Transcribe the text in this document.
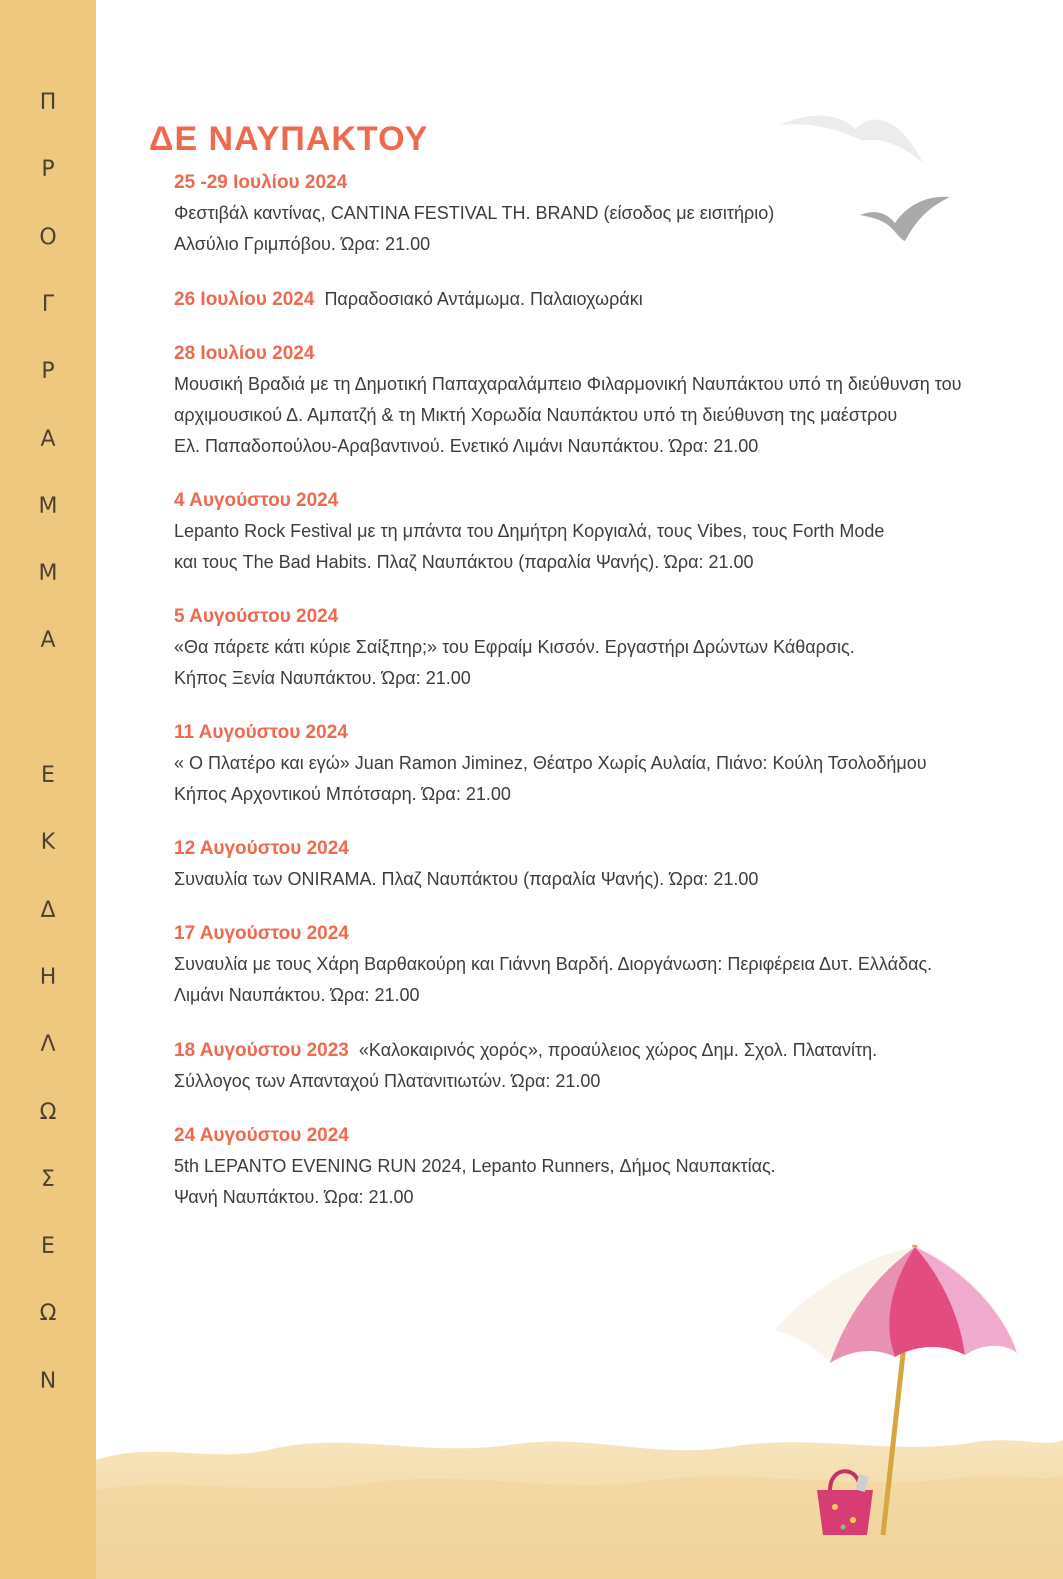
Π
Ρ
Ο
Γ
Ρ
Α
Μ
Μ
Α
Ε
Κ
Δ
Η
Λ
Ω
Σ
Ε
Ω
Ν
ΔΕ ΝΑΥΠΑΚΤΟΥ
25 -29 Ιουλίου 2024
Φεστιβάλ καντίνας, CANTINA FESTIVAL TH. BRAND (είσοδος με εισιτήριο)
Αλσύλιο Γριμπόβου. Ώρα: 21.00
26 Ιουλίου 2024 Παραδοσιακό Αντάμωμα. Παλαιοχωράκι
28 Ιουλίου 2024
Μουσική Βραδιά με τη Δημοτική Παπαχαραλάμπειο Φιλαρμονική Ναυπάκτου υπό τη διεύθυνση του
αρχιμουσικού Δ. Αμπατζή & τη Μικτή Χορωδία Ναυπάκτου υπό τη διεύθυνση της μαέστρου
Ελ. Παπαδοπούλου-Αραβαντινού. Ενετικό Λιμάνι Ναυπάκτου. Ώρα: 21.00
4 Αυγούστου 2024
Lepanto Rock Festival με τη μπάντα του Δημήτρη Κοργιαλά, τους Vibes, τους Forth Mode
και τους The Bad Habits. Πλαζ Ναυπάκτου (παραλία Ψανής). Ώρα: 21.00
5 Αυγούστου 2024
«Θα πάρετε κάτι κύριε Σαίξπηρ;» του Εφραίμ Κισσόν. Εργαστήρι Δρώντων Κάθαρσις.
Κήπος Ξενία Ναυπάκτου. Ώρα: 21.00
11 Αυγούστου 2024
« Ο Πλατέρο και εγώ» Juan Ramon Jiminez, Θέατρο Χωρίς Αυλαία, Πιάνο: Κούλη Τσολοδήμου
Κήπος Αρχοντικού Μπότσαρη. Ώρα: 21.00
12 Αυγούστου 2024
Συναυλία των ONIRAMA. Πλαζ Ναυπάκτου (παραλία Ψανής). Ώρα: 21.00
17 Αυγούστου 2024
Συναυλία με τους Χάρη Βαρθακούρη και Γιάννη Βαρδή. Διοργάνωση: Περιφέρεια Δυτ. Ελλάδας.
Λιμάνι Ναυπάκτου. Ώρα: 21.00
18 Αυγούστου 2023 «Καλοκαιρινός χορός», προαύλειος χώρος Δημ. Σχολ. Πλατανίτη.
Σύλλογος των Απανταχού Πλατανιτιωτών. Ώρα: 21.00
24 Αυγούστου 2024
5th LEPANTO EVENING RUN 2024, Lepanto Runners, Δήμος Ναυπακτίας.
Ψανή Ναυπάκτου. Ώρα: 21.00
